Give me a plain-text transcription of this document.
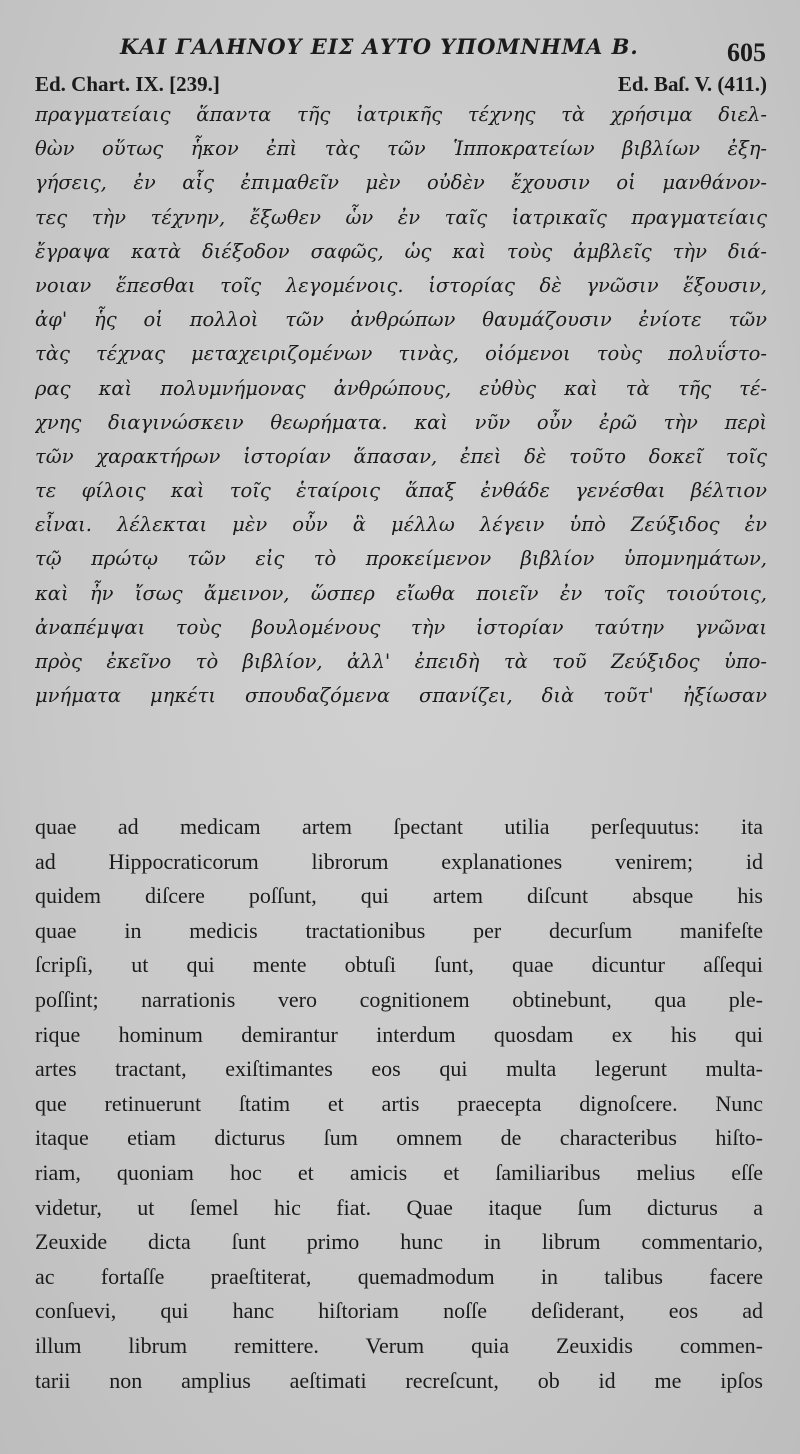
ΚΑΙ ΓΑΛΗΝΟΥ ΕΙΣ ΑΥΤΟ ΥΠΟΜΝΗΜΑ Β.	605
Ed. Chart. IX. [239.]	Ed. Baſ. V. (411.)
πραγματείαις ἅπαντα τῆς ἰατρικῆς τέχνης τὰ χρήσιμα διελ-
θὼν οὕτως ἧκον ἐπὶ τὰς τῶν Ἱπποκρατείων βιβλίων ἐξη-
γήσεις, ἐν αἷς ἐπιμαθεῖν μὲν οὐδὲν ἔχουσιν οἱ μανθάνον-
τες τὴν τέχνην, ἔξωθεν ὧν ἐν ταῖς ἰατρικαῖς πραγματείαις
ἔγραψα κατὰ διέξοδον σαφῶς, ὡς καὶ τοὺς ἀμβλεῖς τὴν διά-
νοιαν ἕπεσθαι τοῖς λεγομένοις. ἱστορίας δὲ γνῶσιν ἕξουσιν,
ἀφ' ἧς οἱ πολλοὶ τῶν ἀνθρώπων θαυμάζουσιν ἐνίοτε τῶν
τὰς τέχνας μεταχειριζομένων τινὰς, οἰόμενοι τοὺς πολυΐστο-
ρας καὶ πολυμνήμονας ἀνθρώπους, εὐθὺς καὶ τὰ τῆς τέ-
χνης διαγινώσκειν θεωρήματα. καὶ νῦν οὖν ἐρῶ τὴν περὶ
τῶν χαρακτήρων ἱστορίαν ἅπασαν, ἐπεὶ δὲ τοῦτο δοκεῖ τοῖς
τε φίλοις καὶ τοῖς ἑταίροις ἅπαξ ἐνθάδε γενέσθαι βέλτιον
εἶναι. λέλεκται μὲν οὖν ἃ μέλλω λέγειν ὑπὸ Ζεύξιδος ἐν
τῷ πρώτῳ τῶν εἰς τὸ προκείμενον βιβλίον ὑπομνημάτων,
καὶ ἦν ἴσως ἄμεινον, ὥσπερ εἴωθα ποιεῖν ἐν τοῖς τοιούτοις,
ἀναπέμψαι τοὺς βουλομένους τὴν ἱστορίαν ταύτην γνῶναι
πρὸς ἐκεῖνο τὸ βιβλίον, ἀλλ' ἐπειδὴ τὰ τοῦ Ζεύξιδος ὑπο-
μνήματα μηκέτι σπουδαζόμενα σπανίζει, διὰ τοῦτ' ἠξίωσαν
quae ad medicam artem ſpectant utilia perſequutus: ita
ad Hippocraticorum librorum explanationes venirem; id
quidem diſcere poſſunt, qui artem diſcunt absque his
quae in medicis tractationibus per decurſum manifeſte
ſcripſi, ut qui mente obtuſi ſunt, quae dicuntur aſſequi
poſſint; narrationis vero cognitionem obtinebunt, qua ple-
rique hominum demirantur interdum quosdam ex his qui
artes tractant, exiſtimantes eos qui multa legerunt multa-
que retinuerunt ſtatim et artis praecepta dignoſcere. Nunc
itaque etiam dicturus ſum omnem de characteribus hiſto-
riam, quoniam hoc et amicis et ſamiliaribus melius eſſe
videtur, ut ſemel hic fiat. Quae itaque ſum dicturus a
Zeuxide dicta ſunt primo hunc in librum commentario,
ac fortaſſe praeſtiterat, quemadmodum in talibus facere
conſuevi, qui hanc hiſtoriam noſſe deſiderant, eos ad
illum librum remittere. Verum quia Zeuxidis commen-
tarii non amplius aeſtimati recreſcunt, ob id me ipſos
